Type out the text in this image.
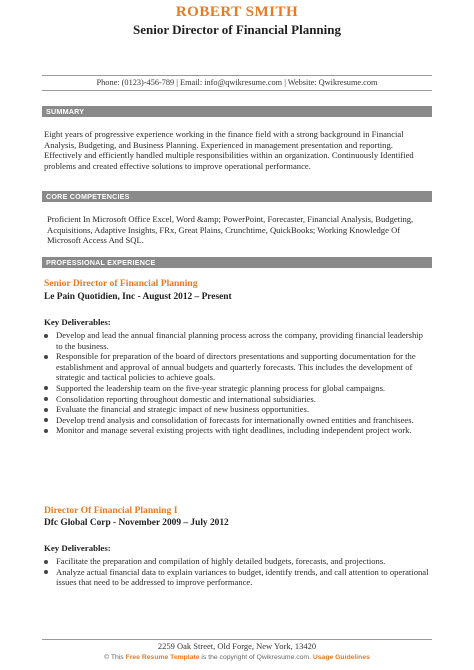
ROBERT SMITH
Senior Director of Financial Planning
Phone: (0123)-456-789 | Email: info@qwikresume.com | Website: Qwikresume.com
SUMMARY
Eight years of progressive experience working in the finance field with a strong background in Financial Analysis, Budgeting, and Business Planning. Experienced in management presentation and reporting. Effectively and efficiently handled multiple responsibilities within an organization. Continuously Identified problems and created effective solutions to improve operational performance.
CORE COMPETENCIES
Proficient In Microsoft Office Excel, Word &amp; PowerPoint, Forecaster, Financial Analysis, Budgeting, Acquisitions, Adaptive Insights, FRx, Great Plains, Crunchtime, QuickBooks; Working Knowledge Of Microsoft Access And SQL.
PROFESSIONAL EXPERIENCE
Senior Director of Financial Planning
Le Pain Quotidien, Inc - August 2012 – Present
Key Deliverables:
Develop and lead the annual financial planning process across the company, providing financial leadership to the business.
Responsible for preparation of the board of directors presentations and supporting documentation for the establishment and approval of annual budgets and quarterly forecasts. This includes the development of strategic and tactical policies to achieve goals.
Supported the leadership team on the five-year strategic planning process for global campaigns.
Consolidation reporting throughout domestic and international subsidiaries.
Evaluate the financial and strategic impact of new business opportunities.
Develop trend analysis and consolidation of forecasts for internationally owned entities and franchisees.
Monitor and manage several existing projects with tight deadlines, including independent project work.
Director Of Financial Planning I
Dfc Global Corp - November 2009 – July 2012
Key Deliverables:
Facilitate the preparation and compilation of highly detailed budgets, forecasts, and projections.
Analyze actual financial data to explain variances to budget, identify trends, and call attention to operational issues that need to be addressed to improve performance.
2259 Oak Street, Old Forge, New York, 13420
© This Free Resume Template is the copyright of Qwikresume.com. Usage Guidelines
